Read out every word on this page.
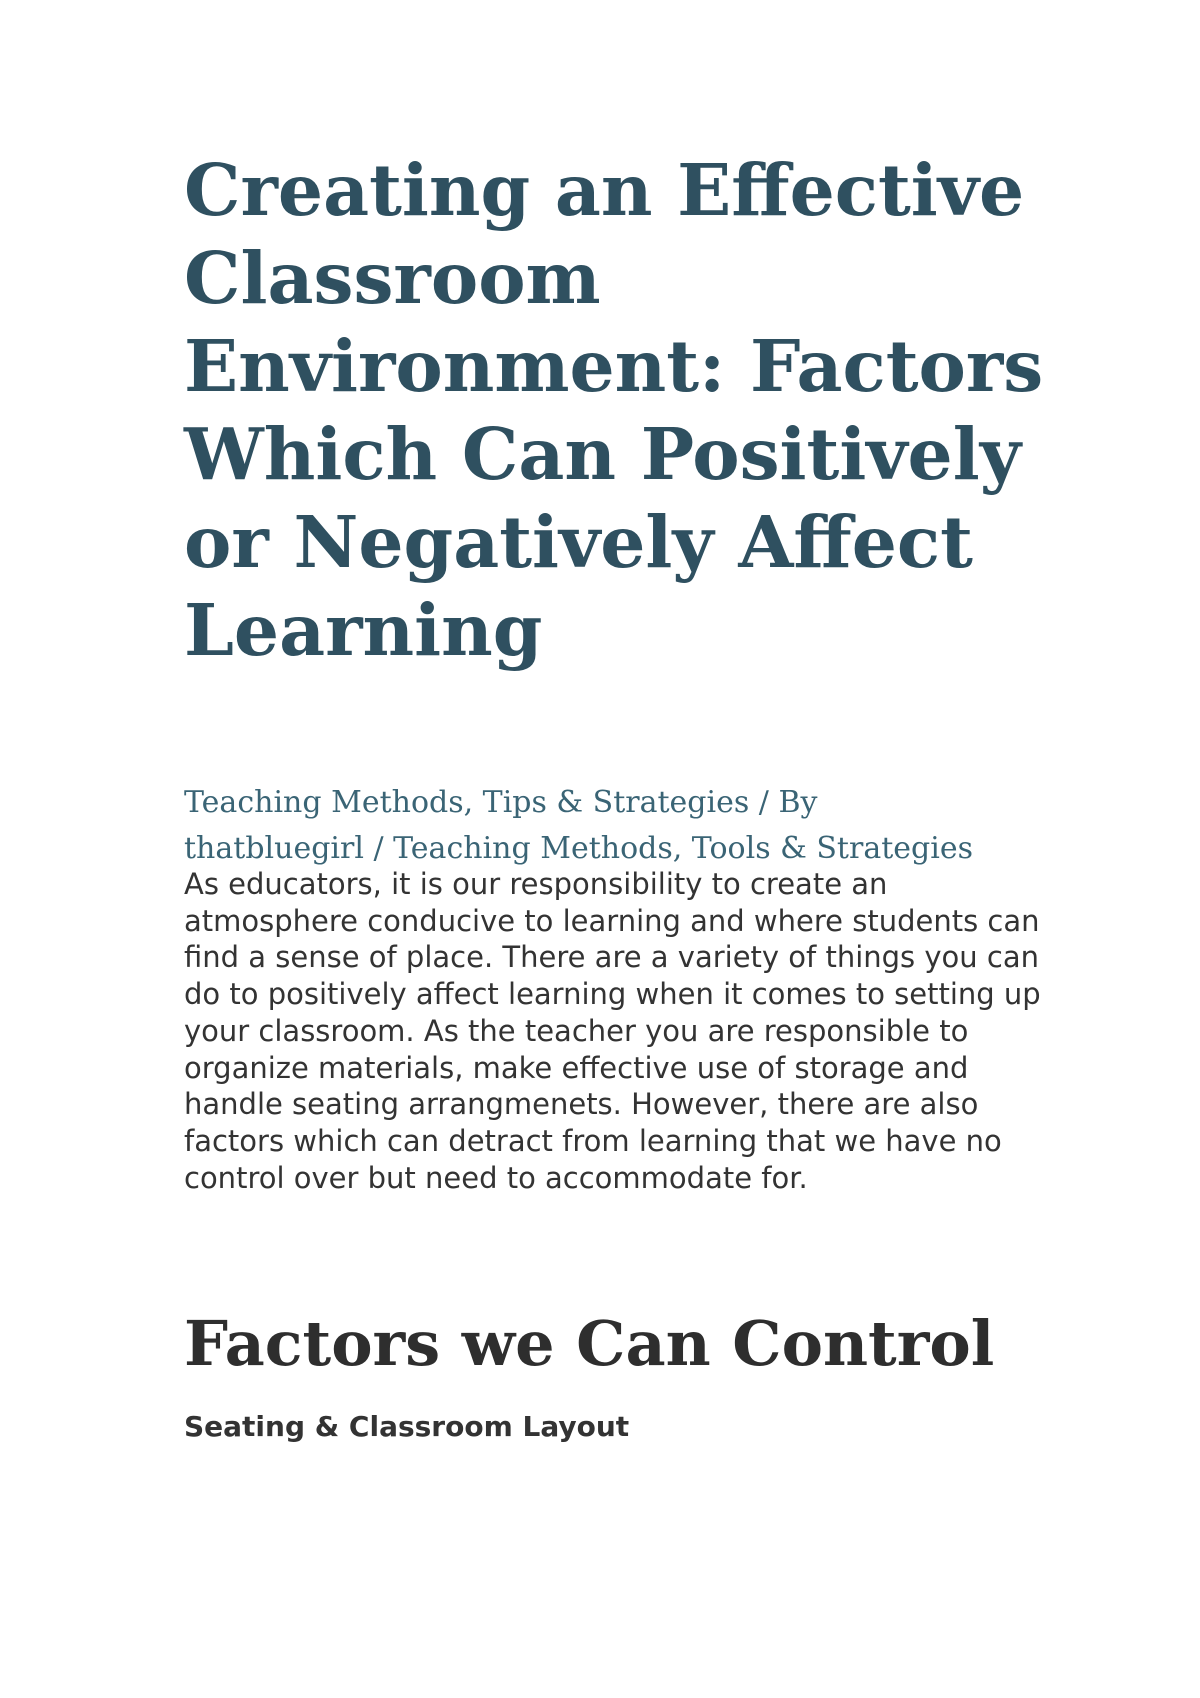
Creating an Effective Classroom Environment: Factors Which Can Positively or Negatively Affect Learning

Teaching Methods, Tips & Strategies / By thatbluegirl / Teaching Methods, Tools & Strategies

As educators, it is our responsibility to create an atmosphere conducive to learning and where students can find a sense of place. There are a variety of things you can do to positively affect learning when it comes to setting up your classroom. As the teacher you are responsible to organize materials, make effective use of storage and handle seating arrangmenets. However, there are also factors which can detract from learning that we have no control over but need to accommodate for.

Factors we Can Control
Seating & Classroom Layout
